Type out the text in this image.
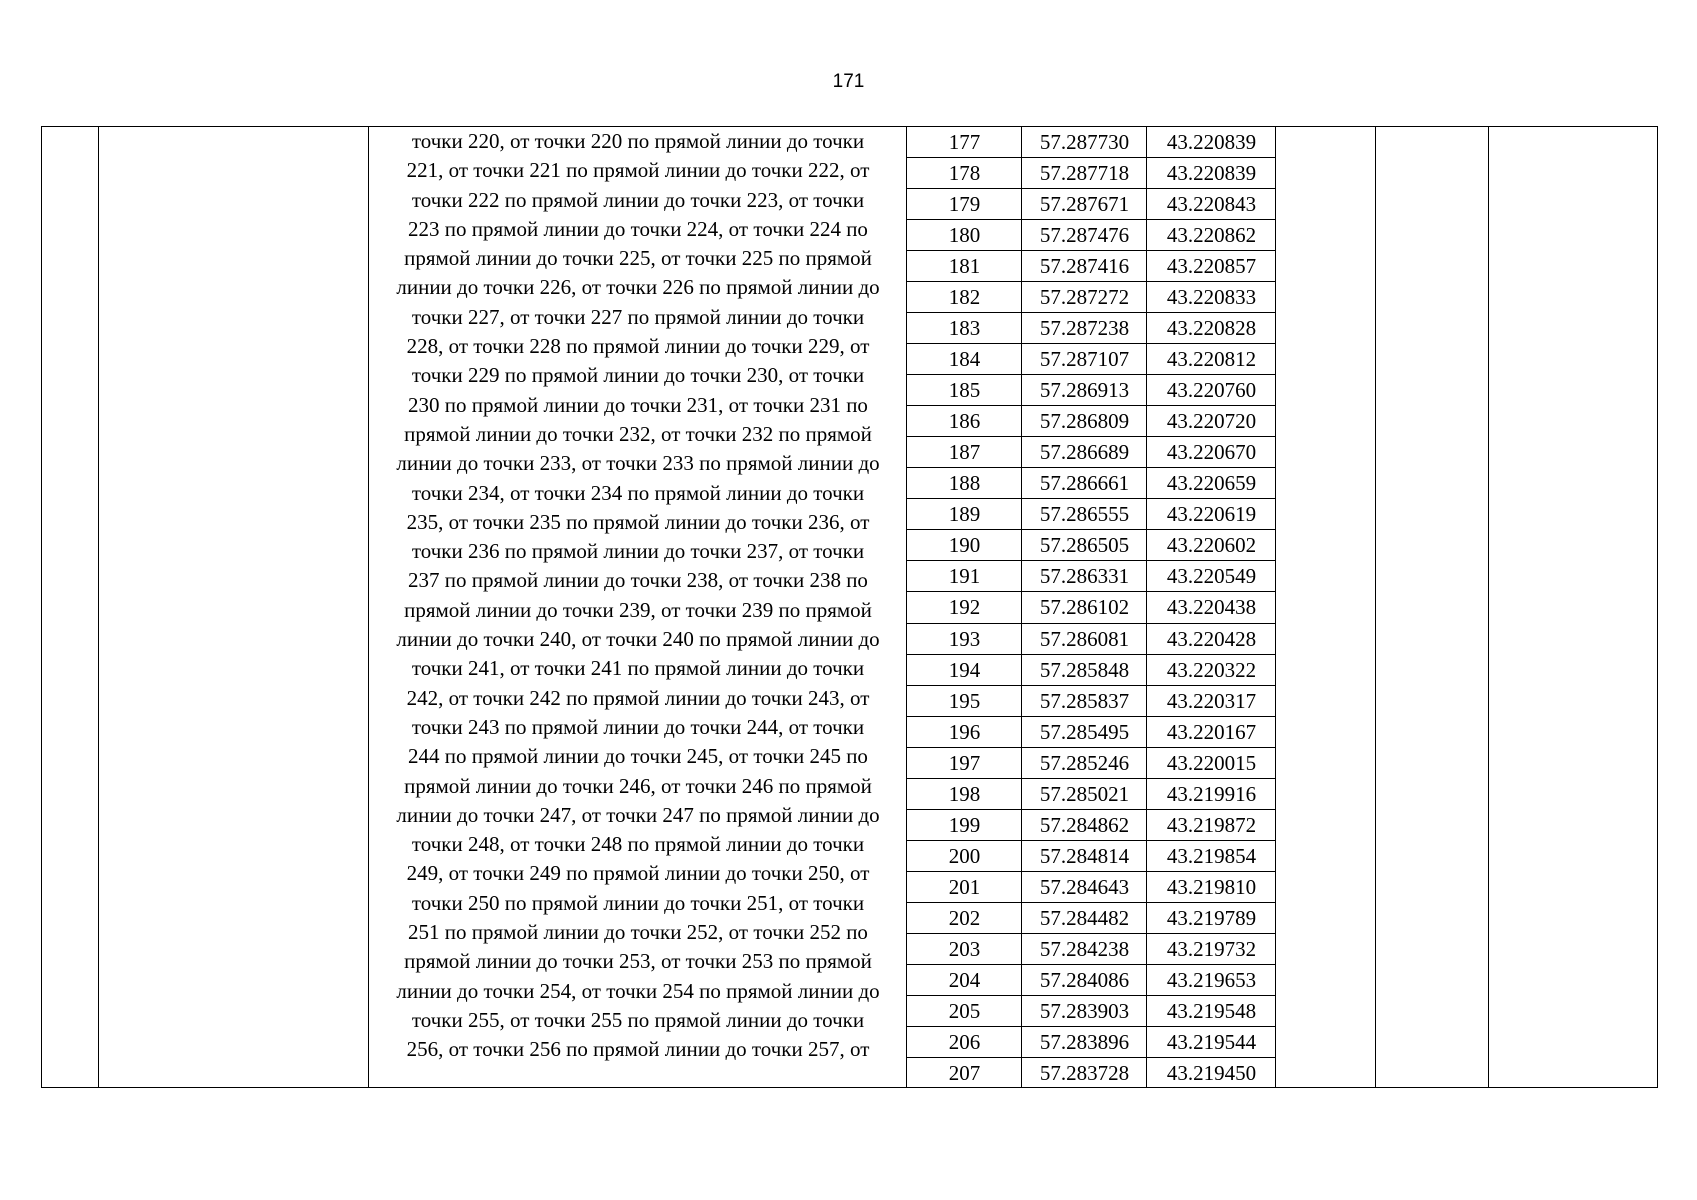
171
точки 220, от точки 220 по прямой линии до точки
221, от точки 221 по прямой линии до точки 222, от
точки 222 по прямой линии до точки 223, от точки
223 по прямой линии до точки 224, от точки 224 по
прямой линии до точки 225, от точки 225 по прямой
линии до точки 226, от точки 226 по прямой линии до
точки 227, от точки 227 по прямой линии до точки
228, от точки 228 по прямой линии до точки 229, от
точки 229 по прямой линии до точки 230, от точки
230 по прямой линии до точки 231, от точки 231 по
прямой линии до точки 232, от точки 232 по прямой
линии до точки 233, от точки 233 по прямой линии до
точки 234, от точки 234 по прямой линии до точки
235, от точки 235 по прямой линии до точки 236, от
точки 236 по прямой линии до точки 237, от точки
237 по прямой линии до точки 238, от точки 238 по
прямой линии до точки 239, от точки 239 по прямой
линии до точки 240, от точки 240 по прямой линии до
точки 241, от точки 241 по прямой линии до точки
242, от точки 242 по прямой линии до точки 243, от
точки 243 по прямой линии до точки 244, от точки
244 по прямой линии до точки 245, от точки 245 по
прямой линии до точки 246, от точки 246 по прямой
линии до точки 247, от точки 247 по прямой линии до
точки 248, от точки 248 по прямой линии до точки
249, от точки 249 по прямой линии до точки 250, от
точки 250 по прямой линии до точки 251, от точки
251 по прямой линии до точки 252, от точки 252 по
прямой линии до точки 253, от точки 253 по прямой
линии до точки 254, от точки 254 по прямой линии до
точки 255, от точки 255 по прямой линии до точки
256, от точки 256 по прямой линии до точки 257, от
177	57.287730	43.220839
178	57.287718	43.220839
179	57.287671	43.220843
180	57.287476	43.220862
181	57.287416	43.220857
182	57.287272	43.220833
183	57.287238	43.220828
184	57.287107	43.220812
185	57.286913	43.220760
186	57.286809	43.220720
187	57.286689	43.220670
188	57.286661	43.220659
189	57.286555	43.220619
190	57.286505	43.220602
191	57.286331	43.220549
192	57.286102	43.220438
193	57.286081	43.220428
194	57.285848	43.220322
195	57.285837	43.220317
196	57.285495	43.220167
197	57.285246	43.220015
198	57.285021	43.219916
199	57.284862	43.219872
200	57.284814	43.219854
201	57.284643	43.219810
202	57.284482	43.219789
203	57.284238	43.219732
204	57.284086	43.219653
205	57.283903	43.219548
206	57.283896	43.219544
207	57.283728	43.219450
